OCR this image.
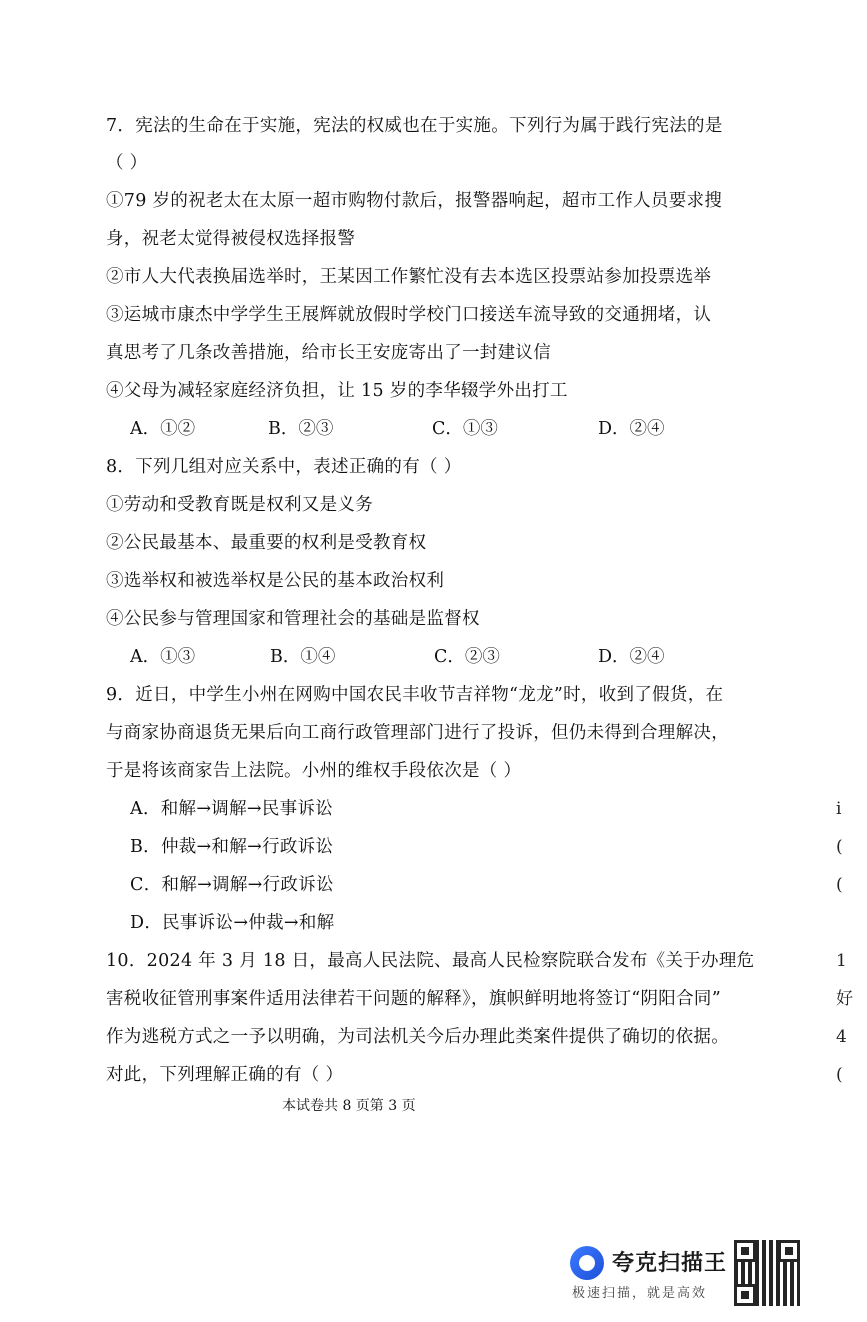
7．宪法的生命在于实施，宪法的权威也在于实施。下列行为属于践行宪法的是
（ ）
①79 岁的祝老太在太原一超市购物付款后，报警器响起，超市工作人员要求搜
身，祝老太觉得被侵权选择报警
②市人大代表换届选举时，王某因工作繁忙没有去本选区投票站参加投票选举
③运城市康杰中学学生王展辉就放假时学校门口接送车流导致的交通拥堵，认
真思考了几条改善措施，给市长王安庞寄出了一封建议信
④父母为减轻家庭经济负担，让 15 岁的李华辍学外出打工
A．①②	B．②③	C．①③	D．②④
8．下列几组对应关系中，表述正确的有（ ）
①劳动和受教育既是权利又是义务
②公民最基本、最重要的权利是受教育权
③选举权和被选举权是公民的基本政治权利
④公民参与管理国家和管理社会的基础是监督权
A．①③	B．①④	C．②③	D．②④
9．近日，中学生小州在网购中国农民丰收节吉祥物“龙龙”时，收到了假货，在
与商家协商退货无果后向工商行政管理部门进行了投诉，但仍未得到合理解决，
于是将该商家告上法院。小州的维权手段依次是（ ）
A．和解→调解→民事诉讼
B．仲裁→和解→行政诉讼
C．和解→调解→行政诉讼
D．民事诉讼→仲裁→和解
10．2024 年 3 月 18 日，最高人民法院、最高人民检察院联合发布《关于办理危
害税收征管刑事案件适用法律若干问题的解释》，旗帜鲜明地将签订“阴阳合同”
作为逃税方式之一予以明确，为司法机关今后办理此类案件提供了确切的依据。
对此，下列理解正确的有（ ）
本试卷共 8 页第 3 页
i
(
(
1
好
4
(
夸克扫描王
极速扫描，就是高效
